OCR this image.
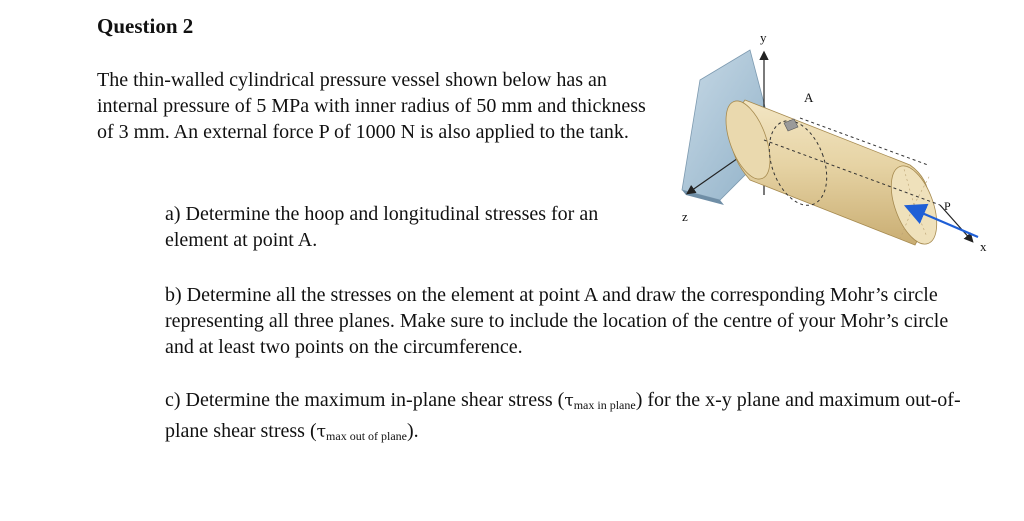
Question 2

The thin-walled cylindrical pressure vessel shown below has an internal pressure of 5 MPa with inner radius of 50 mm and thickness of 3 mm. An external force P of 1000 N is also applied to the tank.

a) Determine the hoop and longitudinal stresses for an element at point A.

b) Determine all the stresses on the element at point A and draw the corresponding Mohr’s circle representing all three planes. Make sure to include the location of the centre of your Mohr’s circle and at least two points on the circumference.

c) Determine the maximum in-plane shear stress $(\tau_{max in plane})$ for the x-y plane and maximum out-of- plane shear stress $(\tau_{max out of plane})$.

y
z
x
A
P
